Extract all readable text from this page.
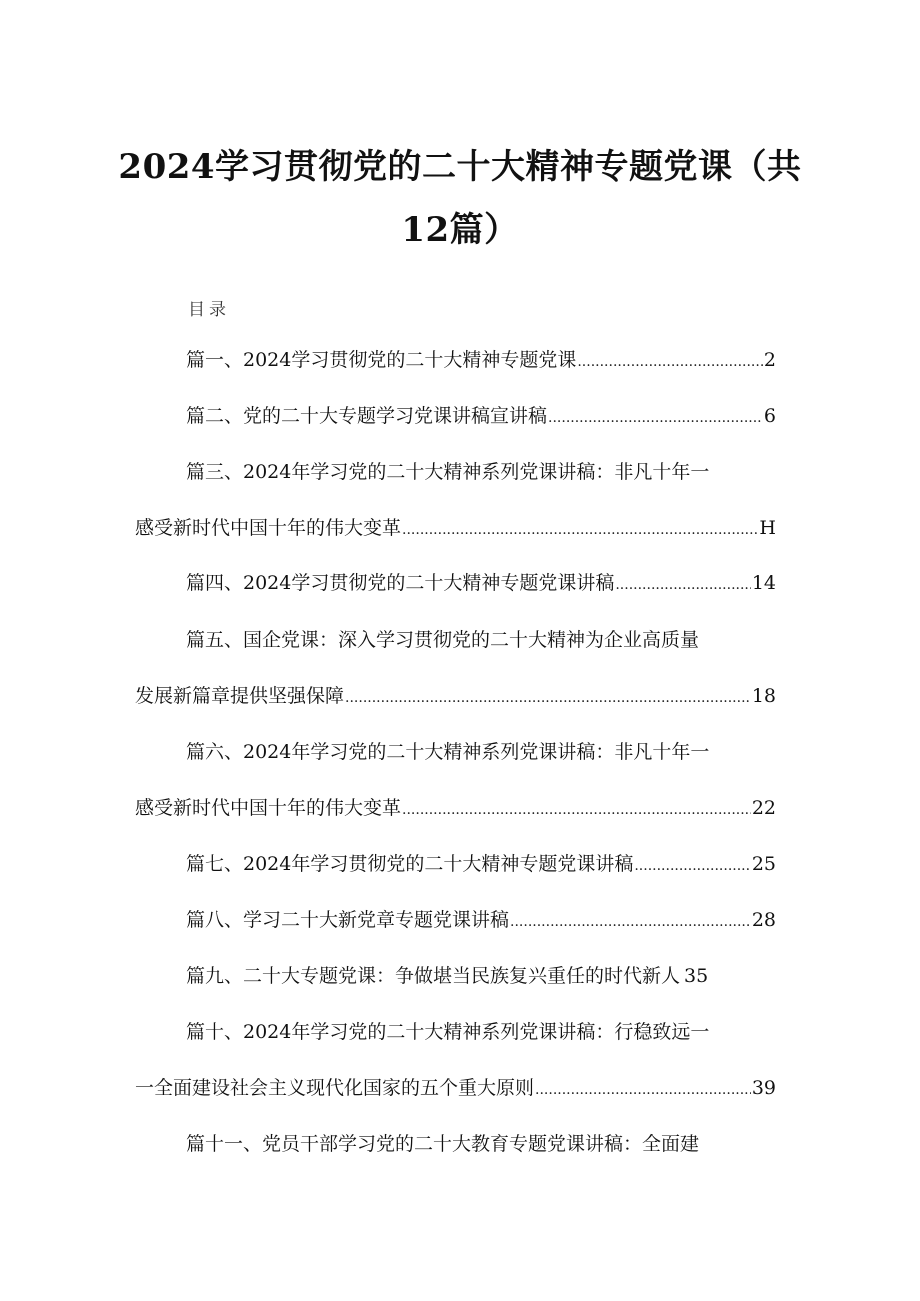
2024学习贯彻党的二十大精神专题党课（共
12篇）
目录
篇一、2024学习贯彻党的二十大精神专题党课 .....	2
篇二、党的二十大专题学习党课讲稿宣讲稿 .....	6
篇三、2024年学习党的二十大精神系列党课讲稿：非凡十年一
感受新时代中国十年的伟大变革 .....	H
篇四、2024学习贯彻党的二十大精神专题党课讲稿 .....	14
篇五、国企党课：深入学习贯彻党的二十大精神为企业高质量
发展新篇章提供坚强保障 .....	18
篇六、2024年学习党的二十大精神系列党课讲稿：非凡十年一
感受新时代中国十年的伟大变革 .....	22
篇七、2024年学习贯彻党的二十大精神专题党课讲稿 .....	25
篇八、学习二十大新党章专题党课讲稿 .....	28
篇九、二十大专题党课：争做堪当民族复兴重任的时代新人 35
篇十、2024年学习党的二十大精神系列党课讲稿：行稳致远一
一全面建设社会主义现代化国家的五个重大原则 .....	39
篇十一、党员干部学习党的二十大教育专题党课讲稿：全面建
